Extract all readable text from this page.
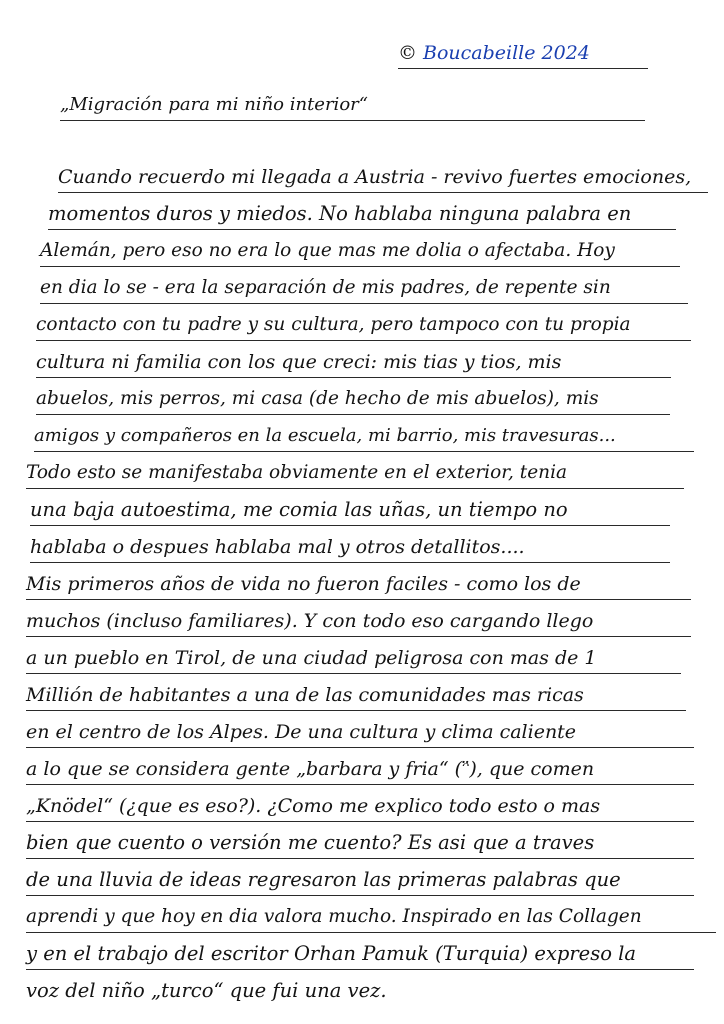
© Boucabeille 2024
„Migración para mi niño interior“
Cuando recuerdo mi llegada a Austria - revivo fuertes emociones,
momentos duros y miedos. No hablaba ninguna palabra en
Alemán, pero eso no era lo que mas me dolia o afectaba. Hoy
en dia lo se - era la separación de mis padres, de repente sin
contacto con tu padre y su cultura, pero tampoco con tu propia
cultura ni familia con los que creci: mis tias y tios, mis
abuelos, mis perros, mi casa (de hecho de mis abuelos), mis
amigos y compañeros en la escuela, mi barrio, mis travesuras...
Todo esto se manifestaba obviamente en el exterior, tenia
una baja autoestima, me comia las uñas, un tiempo no
hablaba o despues hablaba mal y otros detallitos....
Mis primeros años de vida no fueron faciles - como los de
muchos (incluso familiares). Y con todo eso cargando llego
a un pueblo en Tirol, de una ciudad peligrosa con mas de 1
Millión de habitantes a una de las comunidades mas ricas
en el centro de los Alpes. De una cultura y clima caliente
a lo que se considera gente „barbara y fria“ (ᵔ̈), que comen
„Knödel“ (¿que es eso?). ¿Como me explico todo esto o mas
bien que cuento o versión me cuento? Es asi que a traves
de una lluvia de ideas regresaron las primeras palabras que
aprendi y que hoy en dia valora mucho. Inspirado en las Collagen
y en el trabajo del escritor Orhan Pamuk (Turquia) expreso la
voz del niño „turco“ que fui una vez.
